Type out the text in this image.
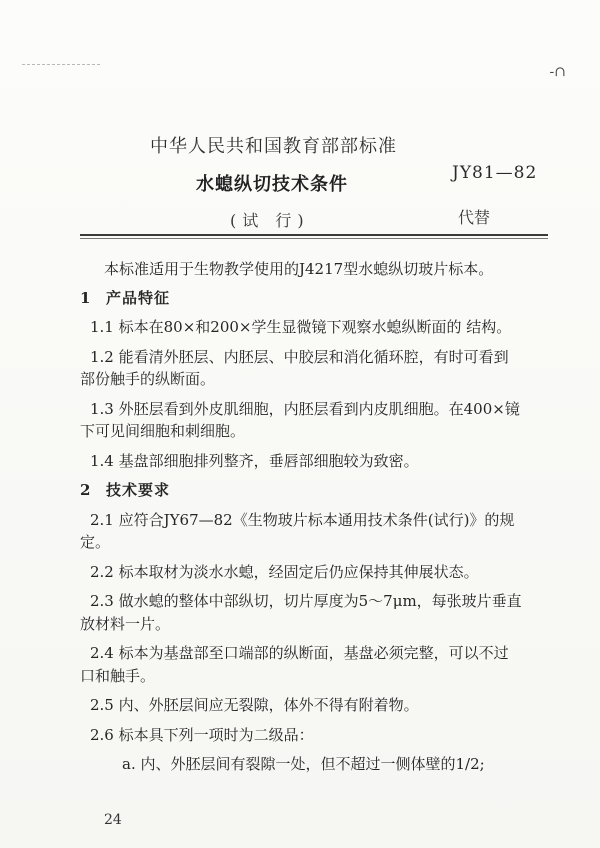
-∩
中华人民共和国教育部部标准
水螅纵切技术条件
JY81—82
(试 行)	代替

本标准适用于生物教学使用的J4217型水螅纵切玻片标本。

1 产品特征
1.1 标本在80×和200×学生显微镜下观察水螅纵断面的 结构。
1.2 能看清外胚层、内胚层、中胶层和消化循环腔，有时可看到
部份触手的纵断面。
1.3 外胚层看到外皮肌细胞，内胚层看到内皮肌细胞。在400×镜
下可见间细胞和刺细胞。
1.4 基盘部细胞排列整齐，垂唇部细胞较为致密。
2 技术要求
2.1 应符合JY67—82《生物玻片标本通用技术条件(试行)》的规
定。
2.2 标本取材为淡水水螅，经固定后仍应保持其伸展状态。
2.3 做水螅的整体中部纵切，切片厚度为5～7μm，每张玻片垂直
放材料一片。
2.4 标本为基盘部至口端部的纵断面，基盘必须完整，可以不过
口和触手。
2.5 内、外胚层间应无裂隙，体外不得有附着物。
2.6 标本具下列一项时为二级品：
a. 内、外胚层间有裂隙一处，但不超过一侧体壁的1/2;
24
